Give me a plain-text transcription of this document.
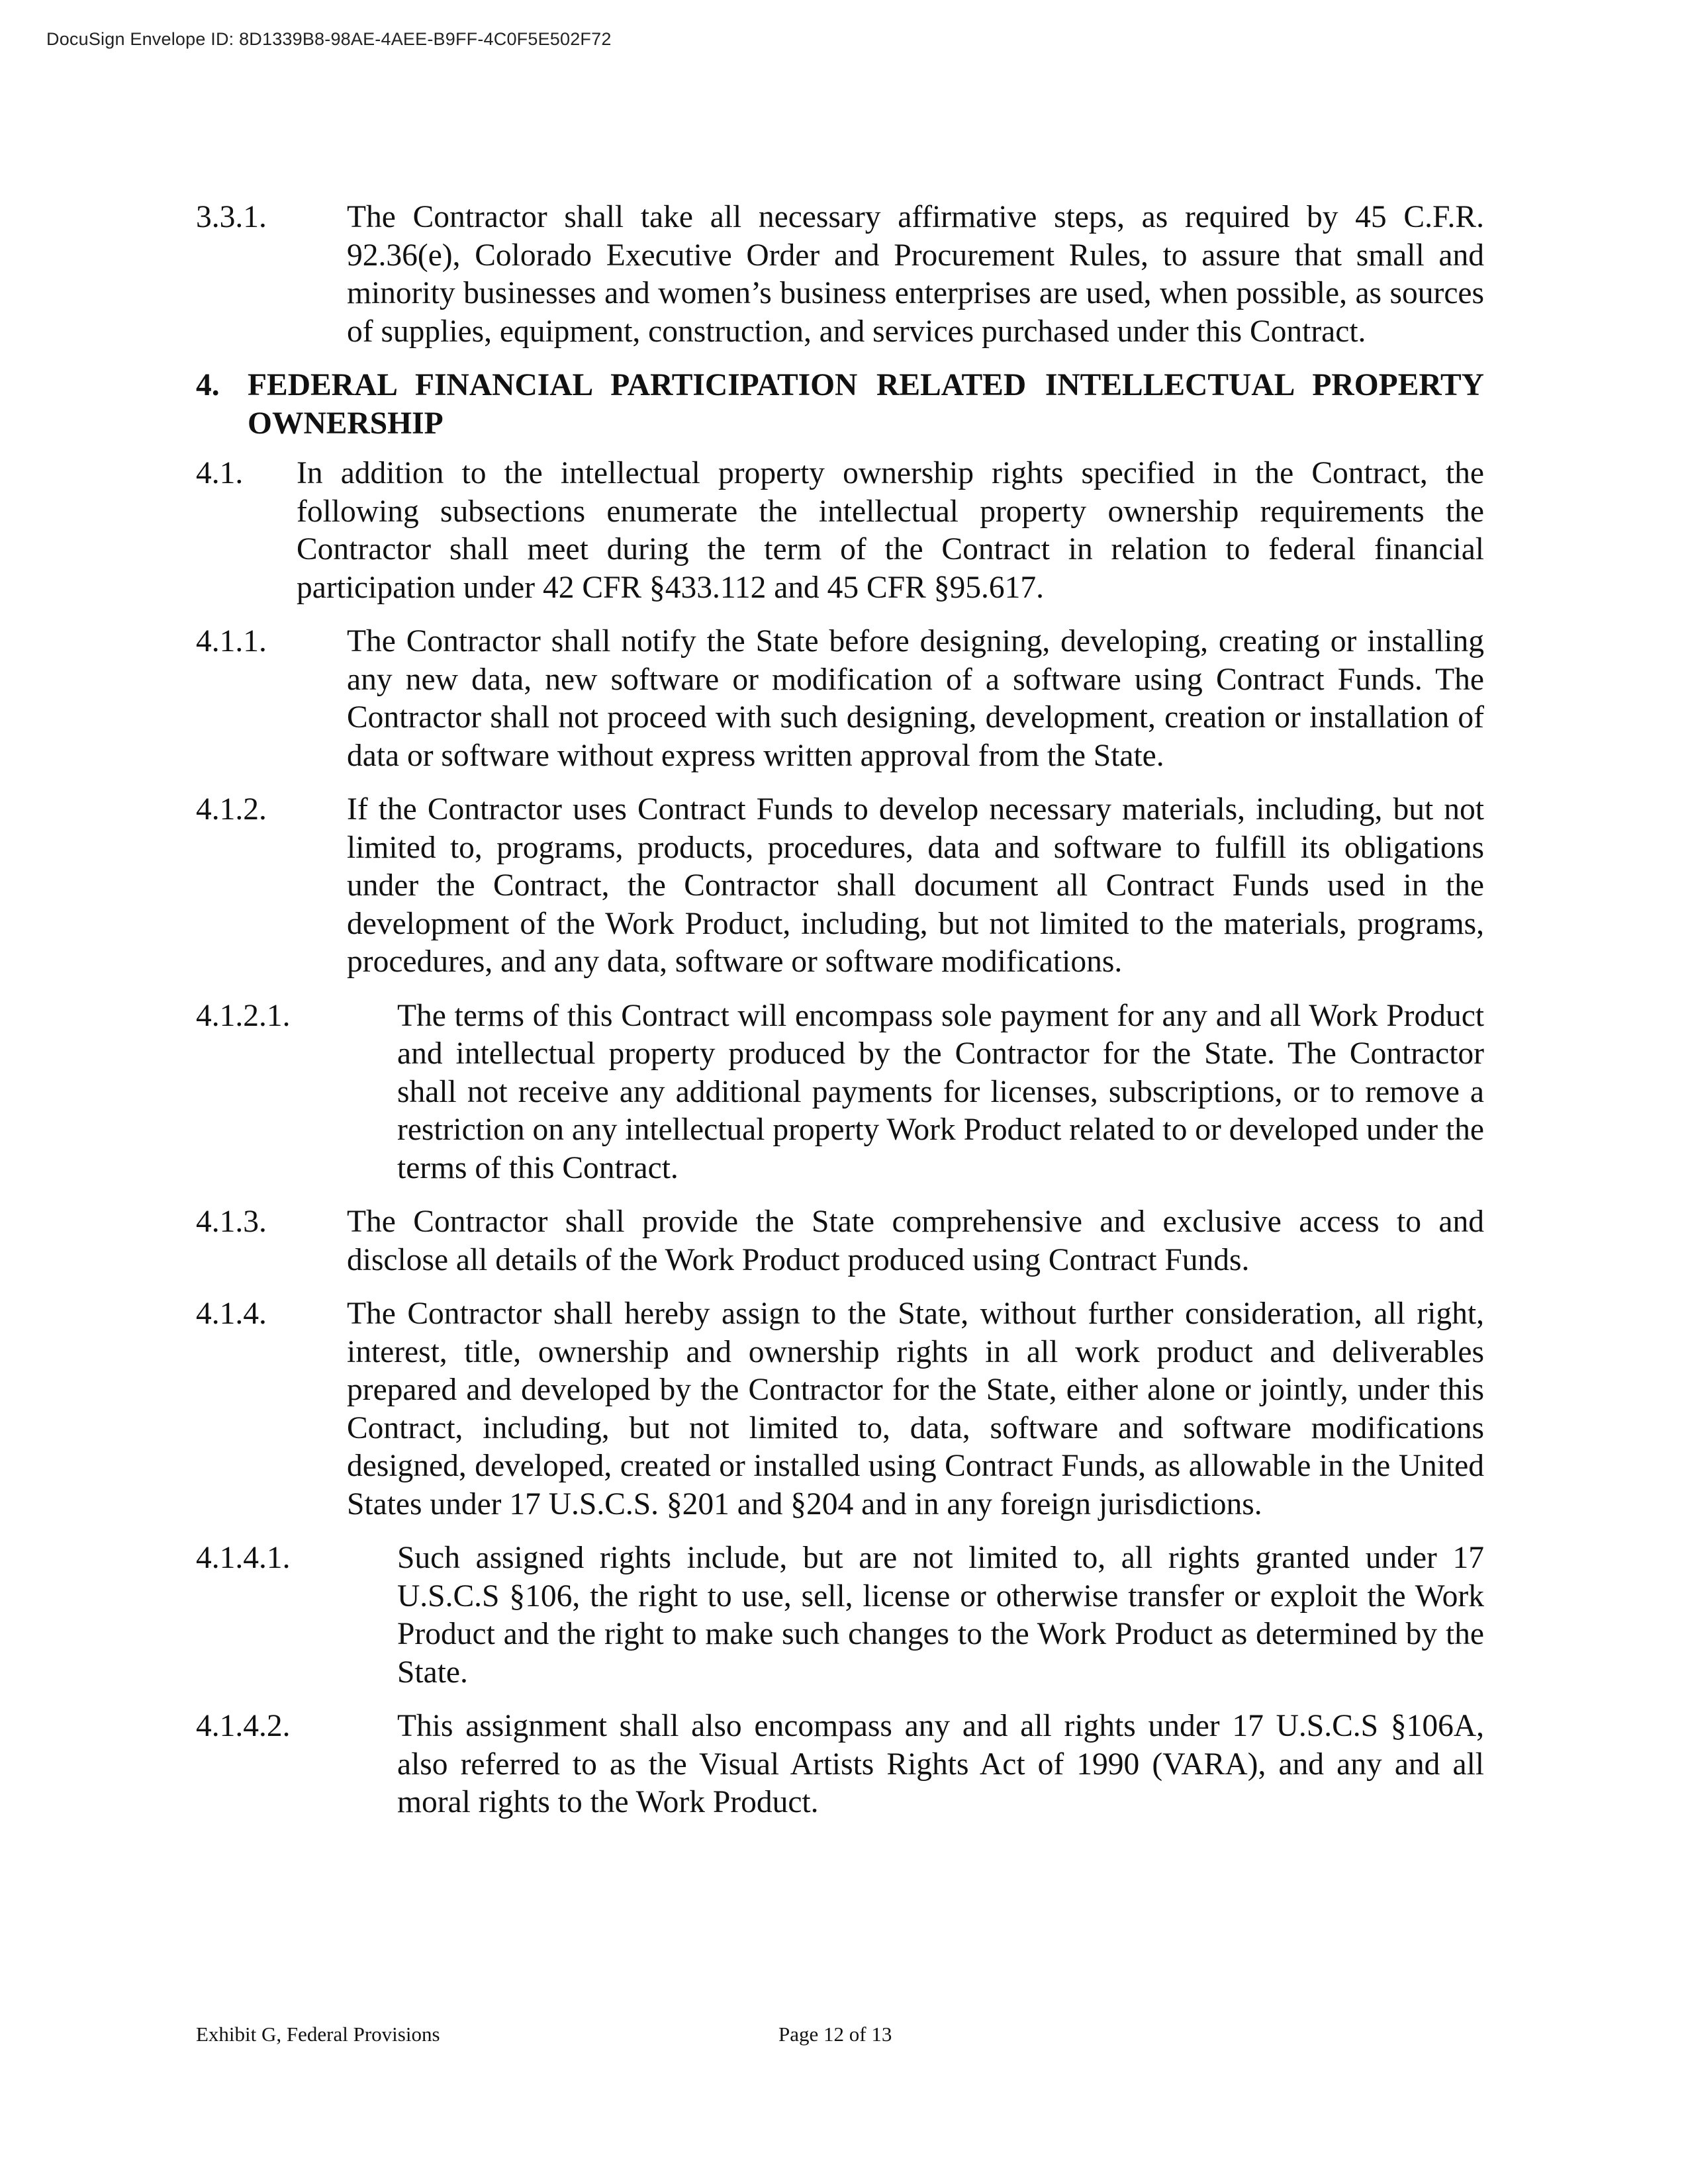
DocuSign Envelope ID: 8D1339B8-98AE-4AEE-B9FF-4C0F5E502F72
3.3.1.	The Contractor shall take all necessary affirmative steps, as required by 45 C.F.R. 92.36(e), Colorado Executive Order and Procurement Rules, to assure that small and minority businesses and women’s business enterprises are used, when possible, as sources of supplies, equipment, construction, and services purchased under this Contract.
4. FEDERAL FINANCIAL PARTICIPATION RELATED INTELLECTUAL PROPERTY OWNERSHIP
4.1. In addition to the intellectual property ownership rights specified in the Contract, the following subsections enumerate the intellectual property ownership requirements the Contractor shall meet during the term of the Contract in relation to federal financial participation under 42 CFR §433.112 and 45 CFR §95.617.
4.1.1.	The Contractor shall notify the State before designing, developing, creating or installing any new data, new software or modification of a software using Contract Funds. The Contractor shall not proceed with such designing, development, creation or installation of data or software without express written approval from the State.
4.1.2.	If the Contractor uses Contract Funds to develop necessary materials, including, but not limited to, programs, products, procedures, data and software to fulfill its obligations under the Contract, the Contractor shall document all Contract Funds used in the development of the Work Product, including, but not limited to the materials, programs, procedures, and any data, software or software modifications.
4.1.2.1.	The terms of this Contract will encompass sole payment for any and all Work Product and intellectual property produced by the Contractor for the State. The Contractor shall not receive any additional payments for licenses, subscriptions, or to remove a restriction on any intellectual property Work Product related to or developed under the terms of this Contract.
4.1.3.	The Contractor shall provide the State comprehensive and exclusive access to and disclose all details of the Work Product produced using Contract Funds.
4.1.4.	The Contractor shall hereby assign to the State, without further consideration, all right, interest, title, ownership and ownership rights in all work product and deliverables prepared and developed by the Contractor for the State, either alone or jointly, under this Contract, including, but not limited to, data, software and software modifications designed, developed, created or installed using Contract Funds, as allowable in the United States under 17 U.S.C.S. §201 and §204 and in any foreign jurisdictions.
4.1.4.1.	Such assigned rights include, but are not limited to, all rights granted under 17 U.S.C.S §106, the right to use, sell, license or otherwise transfer or exploit the Work Product and the right to make such changes to the Work Product as determined by the State.
4.1.4.2.	This assignment shall also encompass any and all rights under 17 U.S.C.S §106A, also referred to as the Visual Artists Rights Act of 1990 (VARA), and any and all moral rights to the Work Product.
Exhibit G, Federal Provisions	Page 12 of 13
